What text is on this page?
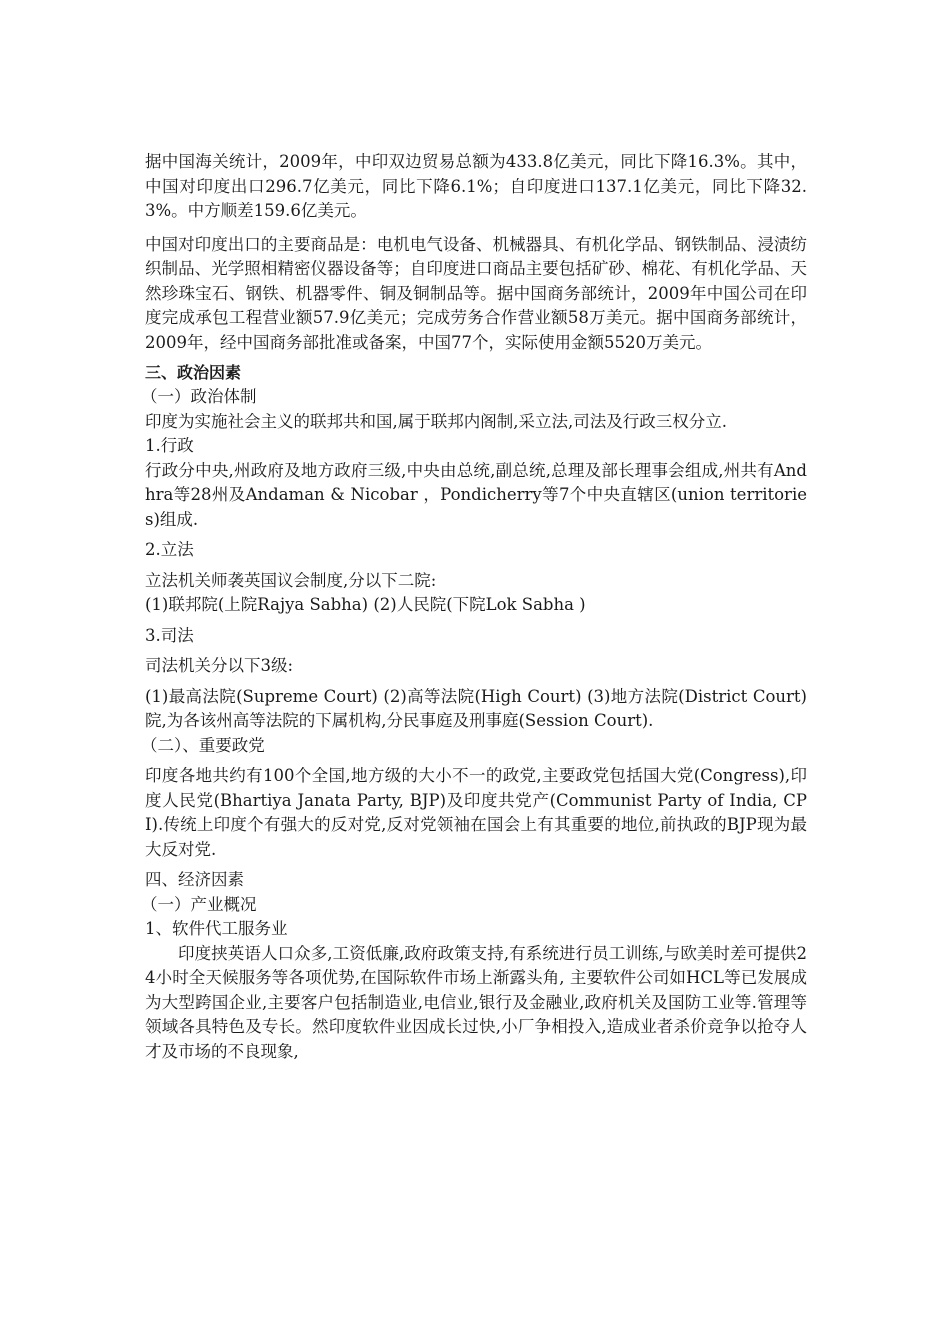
据中国海关统计，2009年，中印双边贸易总额为433.8亿美元，同比下降16.3%。其中，中国对印度出口296.7亿美元，同比下降6.1%；自印度进口137.1亿美元，同比下降32.3%。中方顺差159.6亿美元。

中国对印度出口的主要商品是：电机电气设备、机械器具、有机化学品、钢铁制品、浸渍纺织制品、光学照相精密仪器设备等；自印度进口商品主要包括矿砂、棉花、有机化学品、天然珍珠宝石、钢铁、机器零件、铜及铜制品等。据中国商务部统计，2009年中国公司在印度完成承包工程营业额57.9亿美元；完成劳务合作营业额58万美元。据中国商务部统计，2009年，经中国商务部批准或备案，中国77个，实际使用金额5520万美元。

三、政治因素

（一）政治体制

印度为实施社会主义的联邦共和国,属于联邦内阁制,采立法,司法及行政三权分立.

1.行政

行政分中央,州政府及地方政府三级,中央由总统,副总统,总理及部长理事会组成,州共有Andhra等28州及Andaman & Nicobar ，Pondicherry等7个中央直辖区(union territories)组成.

2.立法

立法机关师袭英国议会制度,分以下二院:

(1)联邦院(上院Rajya Sabha) (2)人民院(下院Lok Sabha )

3.司法

司法机关分以下3级:

(1)最高法院(Supreme Court) (2)高等法院(High Court) (3)地方法院(District Court) 院,为各该州高等法院的下属机构,分民事庭及刑事庭(Session Court).

（二）、重要政党

印度各地共约有100个全国,地方级的大小不一的政党,主要政党包括国大党(Congress),印度人民党(Bhartiya Janata Party, BJP)及印度共党产(Communist Party of India, CPI).传统上印度个有强大的反对党,反对党领袖在国会上有其重要的地位,前执政的BJP现为最大反对党.

四、经济因素

（一）产业概况

1、软件代工服务业

印度挟英语人口众多,工资低廉,政府政策支持,有系统进行员工训练,与欧美时差可提供24小时全天候服务等各项优势,在国际软件市场上渐露头角, 主要软件公司如HCL等已发展成为大型跨国企业,主要客户包括制造业,电信业,银行及金融业,政府机关及国防工业等.管理等领域各具特色及专长。然印度软件业因成长过快,小厂争相投入,造成业者杀价竞争以抢夺人才及市场的不良现象,
